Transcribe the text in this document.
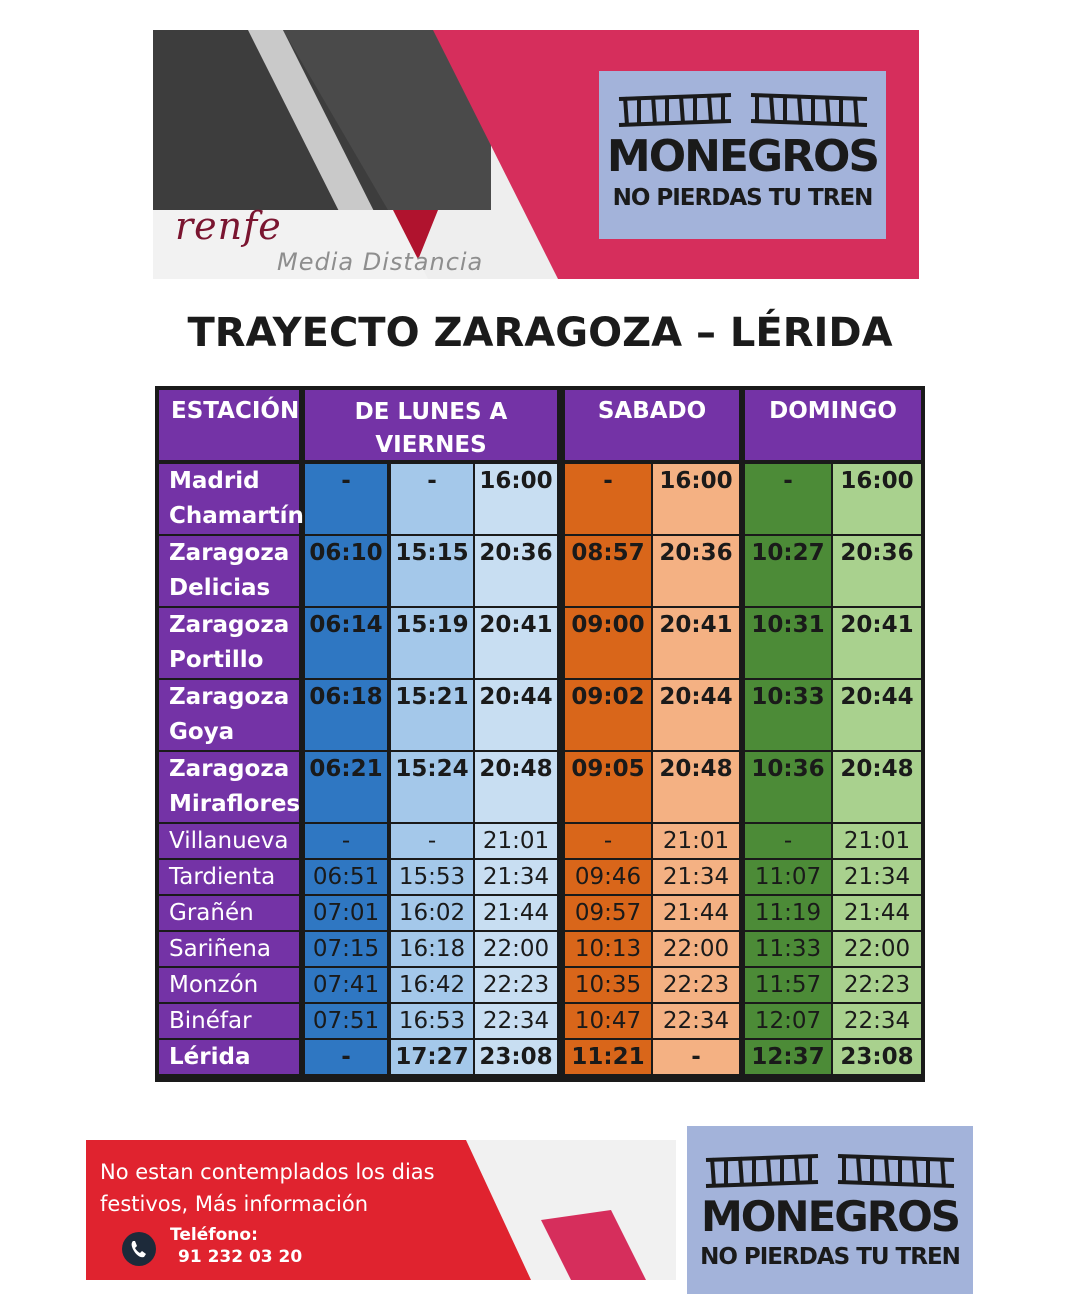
renfe
Media Distancia
MONEGROS
NO PIERDAS TU TREN
TRAYECTO ZARAGOZA – LÉRIDA
ESTACIÓN	DE LUNES A
VIERNES
SABADO	DOMINGO
Madrid
Chamartín
-	-	16:00	-	16:00	-	16:00
Zaragoza
Delicias
06:10 15:15 20:36 08:57 20:36 10:27 20:36
Zaragoza
Portillo
06:14 15:19 20:41 09:00 20:41 10:31 20:41
Zaragoza
Goya
06:18 15:21 20:44 09:02 20:44 10:33 20:44
Zaragoza
Miraflores
06:21 15:24 20:48 09:05 20:48 10:36 20:48
Villanueva	-	-	21:01	-	21:01	-	21:01
Tardienta	06:51 15:53 21:34	09:46 21:34	11:07 21:34
Grañén	07:01 16:02 21:44	09:57 21:44	11:19 21:44
Sariñena	07:15 16:18 22:00	10:13 22:00	11:33 22:00
Monzón	07:41 16:42 22:23	10:35 22:23	11:57 22:23
Binéfar	07:51 16:53 22:34	10:47 22:34	12:07 22:34
Lérida	-	17:27 23:08 11:21	-	12:37 23:08
No estan contemplados los dias
festivos, Más información
Teléfono:
91 232 03 20
MONEGROS
NO PIERDAS TU TREN
